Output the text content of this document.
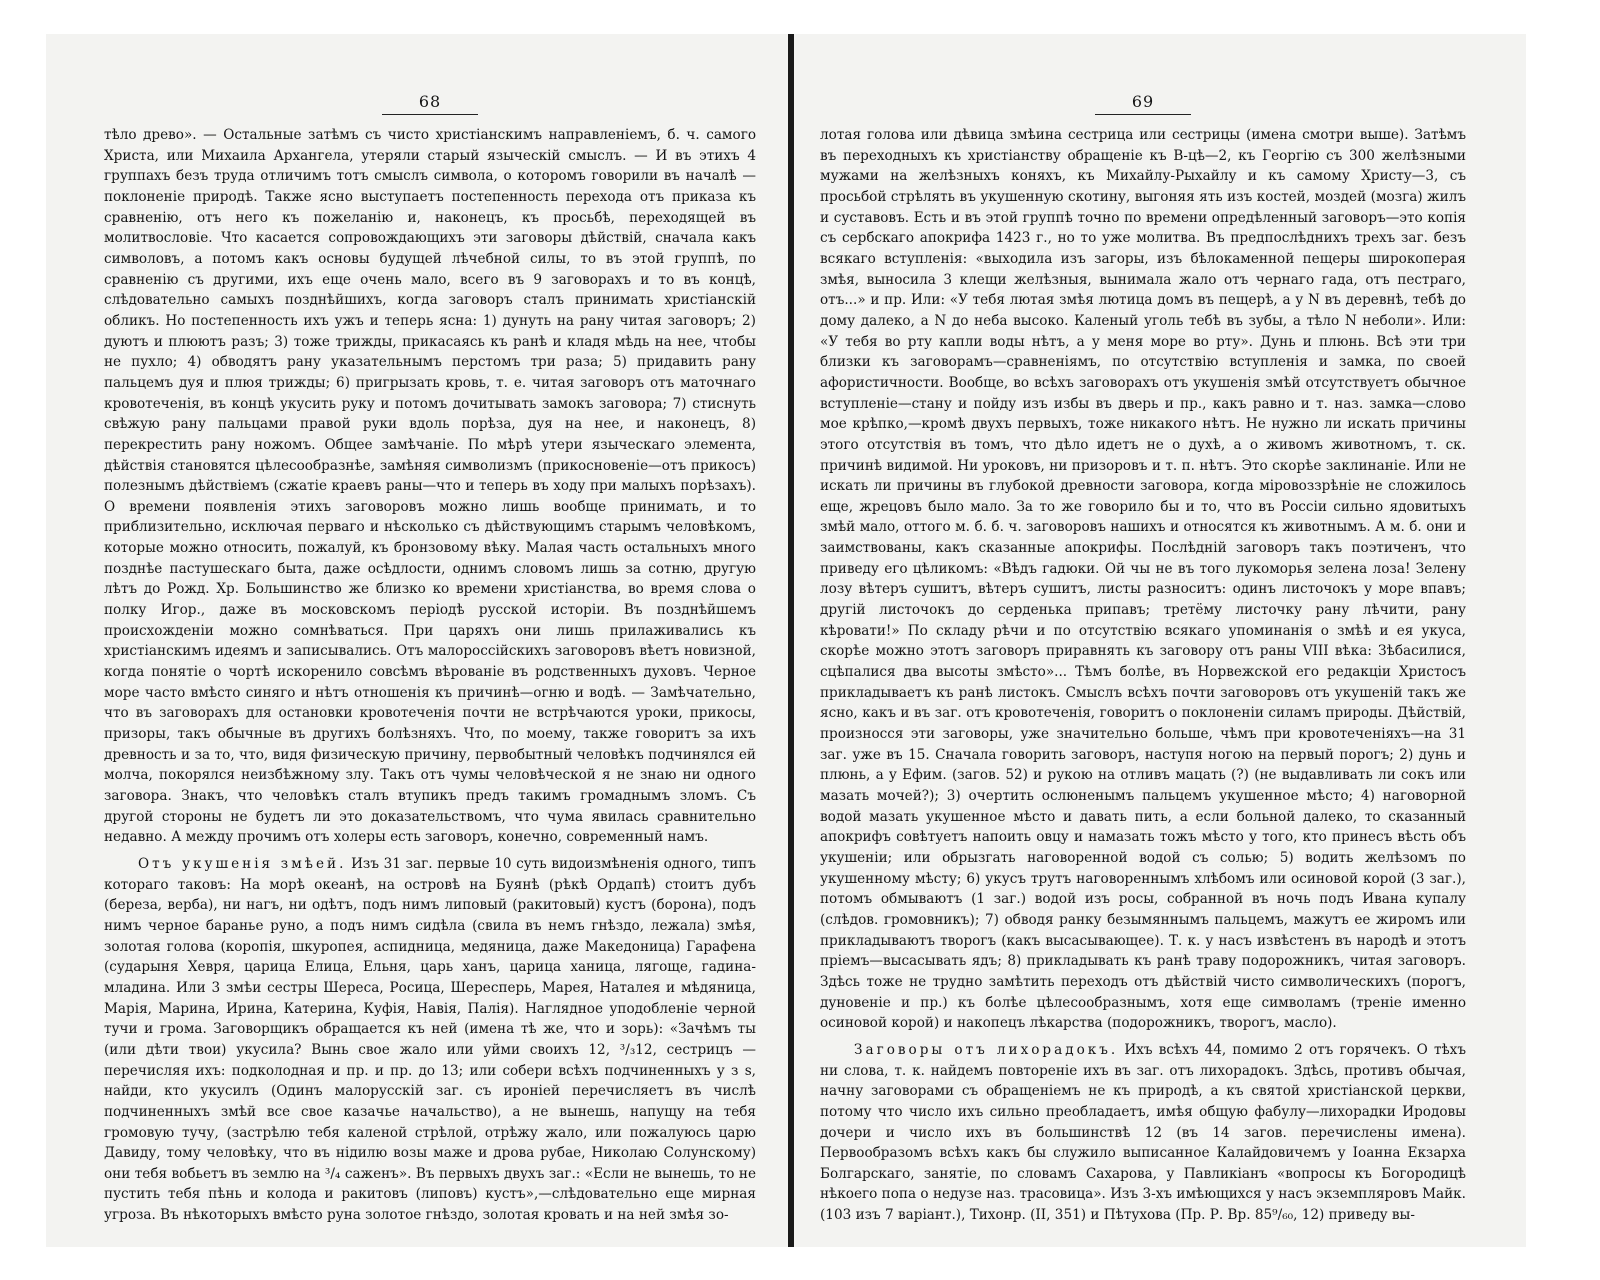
68

тѣло древо». — Остальные затѣмъ съ чисто христіанскимъ направленіемъ, б. ч. самого Христа, или Михаила Архангела, утеряли старый языческій смыслъ. — И въ этихъ 4 группахъ безъ труда отличимъ тотъ смыслъ символа, о которомъ говорили въ началѣ — поклоненіе природѣ. Также ясно выступаетъ постепенность перехода отъ приказа къ сравненію, отъ него къ пожеланію и, наконецъ, къ просьбѣ, переходящей въ молитвословіе. Что касается сопровождающихъ эти заговоры дѣйствій, сначала какъ символовъ, а потомъ какъ основы будущей лѣчебной силы, то въ этой группѣ, по сравненію съ другими, ихъ еще очень мало, всего въ 9 заговорахъ и то въ концѣ, слѣдовательно самыхъ позднѣйшихъ, когда заговоръ сталъ принимать христіанскій обликъ. Но постепенность ихъ ужъ и теперь ясна: 1) дунуть на рану читая заговоръ; 2) дуютъ и плюютъ разъ; 3) тоже трижды, прикасаясь къ ранѣ и кладя мѣдь на нее, чтобы не пухло; 4) обводятъ рану указательнымъ перстомъ три раза; 5) придавить рану пальцемъ дуя и плюя трижды; 6) пригрызать кровь, т. е. читая заговоръ отъ маточнаго кровотеченія, въ концѣ укусить руку и потомъ дочитывать замокъ заговора; 7) стиснуть свѣжую рану пальцами правой руки вдоль порѣза, дуя на нее, и наконецъ, 8) перекрестить рану ножомъ. Общее замѣчаніе. По мѣрѣ утери языческаго элемента, дѣйствія становятся цѣлесообразнѣе, замѣняя символизмъ (прикосновеніе—отъ прикосъ) полезнымъ дѣйствіемъ (сжатіе краевъ раны—что и теперь въ ходу при малыхъ порѣзахъ). О времени появленія этихъ заговоровъ можно лишь вообще принимать, и то приблизительно, исключая перваго и нѣсколько съ дѣйствующимъ старымъ человѣкомъ, которые можно относить, пожалуй, къ бронзовому вѣку. Малая часть остальныхъ много позднѣе пастушескаго быта, даже осѣдлости, однимъ словомъ лишь за сотню, другую лѣтъ до Рожд. Хр. Большинство же близко ко времени христіанства, во время слова о полку Игор., даже въ московскомъ періодѣ русской исторіи. Въ позднѣйшемъ происхожденіи можно сомнѣваться. При царяхъ они лишь прилаживались къ христіанскимъ идеямъ и записывались. Отъ малороссійскихъ заговоровъ вѣетъ новизной, когда понятіе о чортѣ искоренило совсѣмъ вѣрованіе въ родственныхъ духовъ. Черное море часто вмѣсто синяго и нѣтъ отношенія къ причинѣ—огню и водѣ. — Замѣчательно, что въ заговорахъ для остановки кровотеченія почти не встрѣчаются уроки, прикосы, призоры, такъ обычные въ другихъ болѣзняхъ. Что, по моему, также говоритъ за ихъ древность и за то, что, видя физическую причину, первобытный человѣкъ подчинялся ей молча, покорялся неизбѣжному злу. Такъ отъ чумы человѣческой я не знаю ни одного заговора. Знакъ, что человѣкъ сталъ втупикъ предъ такимъ громаднымъ зломъ. Съ другой стороны не будетъ ли это доказательствомъ, что чума явилась сравнительно недавно. А между прочимъ отъ холеры есть заговоръ, конечно, современный намъ.

Отъ укушенія змѣей. Изъ 31 заг. первые 10 суть видоизмѣненія одного, типъ котораго таковъ: На морѣ океанѣ, на островѣ на Буянѣ (рѣкѣ Ордапѣ) стоитъ дубъ (береза, верба), ни нагъ, ни одѣтъ, подъ нимъ липовый (ракитовый) кустъ (борона), подъ нимъ черное баранье руно, а подъ нимъ сидѣла (свила въ немъ гнѣздо, лежала) змѣя, золотая голова (коропія, шкуропея, аспидница, медяница, даже Македоница) Гарафена (сударыня Хевря, царица Елица, Ельня, царь ханъ, царица ханица, лягоще, гадина-младина. Или 3 змѣи сестры Шереса, Росица, Шересперь, Марея, Наталея и мѣдяница, Марія, Марина, Ирина, Катерина, Куфія, Навія, Палія). Наглядное уподобленіе черной тучи и грома. Заговорщикъ обращается къ ней (имена тѣ же, что и зорь): «Зачѣмъ ты (или дѣти твои) укусила? Вынь свое жало или уйми своихъ 12, ³/₃12, сестрицъ — перечисляя ихъ: подколодная и пр. и пр. до 13; или собери всѣхъ подчиненныхъ у з s, найди, кто укусилъ (Одинъ малорусскій заг. съ ироніей перечисляетъ въ числѣ подчиненныхъ змѣй все свое казачье начальство), а не вынешь, напущу на тебя громовую тучу, (застрѣлю тебя каленой стрѣлой, отрѣжу жало, или пожалуюсь царю Давиду, тому человѣку, что въ нідилю возы маже и дрова рубае, Николаю Солунскому) они тебя вобьетъ въ землю на ³/₄ саженъ». Въ первыхъ двухъ заг.: «Если не вынешь, то не пустить тебя пѣнь и колода и ракитовъ (липовъ) кустъ»,—слѣдовательно еще мирная угроза. Въ нѣкоторыхъ вмѣсто руна золотое гнѣздо, золотая кровать и на ней змѣя зо-

69

лотая голова или дѣвица змѣина сестрица или сестрицы (имена смотри выше). Затѣмъ въ переходныхъ къ христіанству обращеніе къ В-цѣ—2, къ Георгію съ 300 желѣзными мужами на желѣзныхъ коняхъ, къ Михайлу-Рыхайлу и къ самому Христу—3, съ просьбой стрѣлять въ укушенную скотину, выгоняя ять изъ костей, моздей (мозга) жилъ и суставовъ. Есть и въ этой группѣ точно по времени опредѣленный заговоръ—это копія съ сербскаго апокрифа 1423 г., но то уже молитва. Въ предпослѣднихъ трехъ заг. безъ всякаго вступленія: «выходила изъ загоры, изъ бѣлокаменной пещеры широкоперая змѣя, выносила 3 клещи желѣзныя, вынимала жало отъ чернаго гада, отъ пестраго, отъ...» и пр. Или: «У тебя лютая змѣя лютица домъ въ пещерѣ, а у N въ деревнѣ, тебѣ до дому далеко, а N до неба высоко. Каленый уголь тебѣ въ зубы, а тѣло N неболи». Или: «У тебя во рту капли воды нѣтъ, а у меня море во рту». Дунь и плюнь. Всѣ эти три близки къ заговорамъ—сравненіямъ, по отсутствію вступленія и замка, по своей афористичности. Вообще, во всѣхъ заговорахъ отъ укушенія змѣй отсутствуетъ обычное вступленіе—стану и пойду изъ избы въ дверь и пр., какъ равно и т. наз. замка—слово мое крѣпко,—кромѣ двухъ первыхъ, тоже никакого нѣтъ. Не нужно ли искать причины этого отсутствія въ томъ, что дѣло идетъ не о духѣ, а о живомъ животномъ, т. ск. причинѣ видимой. Ни уроковъ, ни призоровъ и т. п. нѣтъ. Это скорѣе заклинаніе. Или не искать ли причины въ глубокой древности заговора, когда міровоззрѣніе не сложилось еще, жрецовъ было мало. За то же говорило бы и то, что въ Россіи сильно ядовитыхъ змѣй мало, оттого м. б. б. ч. заговоровъ нашихъ и относятся къ животнымъ. А м. б. они и заимствованы, какъ сказанные апокрифы. Послѣдній заговоръ такъ поэтиченъ, что приведу его цѣликомъ: «Вѣдъ гадюки. Ой чы не въ того лукоморья зелена лоза! Зелену лозу вѣтеръ сушитъ, вѣтеръ сушитъ, листы разноситъ: одинъ листочокъ у море впавъ; другій листочокъ до серденька припавъ; третёму листочку рану лѣчити, рану кѣровати!» По складу рѣчи и по отсутствію всякаго упоминанія о змѣѣ и ея укуса, скорѣе можно этотъ заговоръ приравнять къ заговору отъ раны VIII вѣка: Зѣбасилися, сцѣпалися два высоты змѣсто»... Тѣмъ болѣе, въ Норвежской его редакціи Христосъ прикладываетъ къ ранѣ листокъ. Смыслъ всѣхъ почти заговоровъ отъ укушеній такъ же ясно, какъ и въ заг. отъ кровотеченія, говоритъ о поклоненіи силамъ природы. Дѣйствій, произносся эти заговоры, уже значительно больше, чѣмъ при кровотеченіяхъ—на 31 заг. уже въ 15. Сначала говорить заговоръ, наступя ногою на первый порогъ; 2) дунь и плюнь, а у Ефим. (загов. 52) и рукою на отливъ мацать (?) (не выдавливать ли сокъ или мазать мочей?); 3) очертить ослюненымъ пальцемъ укушенное мѣсто; 4) наговорной водой мазать укушенное мѣсто и давать пить, а если больной далеко, то сказанный апокрифъ совѣтуетъ напоить овцу и намазать тожъ мѣсто у того, кто принесъ вѣсть объ укушеніи; или обрызгать наговоренной водой съ солью; 5) водить желѣзомъ по укушенному мѣсту; 6) укусъ трутъ наговореннымъ хлѣбомъ или осиновой корой (3 заг.), потомъ обмываютъ (1 заг.) водой изъ росы, собранной въ ночь подъ Ивана купалу (слѣдов. громовникъ); 7) обводя ранку безымяннымъ пальцемъ, мажутъ ее жиромъ или прикладываютъ творогъ (какъ высасывающее). Т. к. у насъ извѣстенъ въ народѣ и этотъ пріемъ—высасывать ядъ; 8) прикладывать къ ранѣ траву подорожникъ, читая заговоръ. Здѣсь тоже не трудно замѣтить переходъ отъ дѣйствій чисто символическихъ (порогъ, дуновеніе и пр.) къ болѣе цѣлесообразнымъ, хотя еще символамъ (треніе именно осиновой корой) и накопецъ лѣкарства (подорожникъ, творогъ, масло).

Заговоры отъ лихорадокъ. Ихъ всѣхъ 44, помимо 2 отъ горячекъ. О тѣхъ ни слова, т. к. найдемъ повтореніе ихъ въ заг. отъ лихорадокъ. Здѣсь, противъ обычая, начну заговорами съ обращеніемъ не къ природѣ, а къ святой христіанской церкви, потому что число ихъ сильно преобладаетъ, имѣя общую фабулу—лихорадки Иродовы дочери и число ихъ въ большинствѣ 12 (въ 14 загов. перечислены имена). Первообразомъ всѣхъ какъ бы служило выписанное Калайдовичемъ у Іоанна Екзарха Болгарскаго, занятіе, по словамъ Сахарова, у Павликіанъ «вопросы къ Богородицѣ нѣкоего попа о недузе наз. трасовица». Изъ 3-хъ имѣющихся у насъ экземпляровъ Майк. (103 изъ 7 варіант.), Тихонр. (II, 351) и Пѣтухова (Пр. Р. Вр. 85⁹/₆₀, 12) приведу вы-
